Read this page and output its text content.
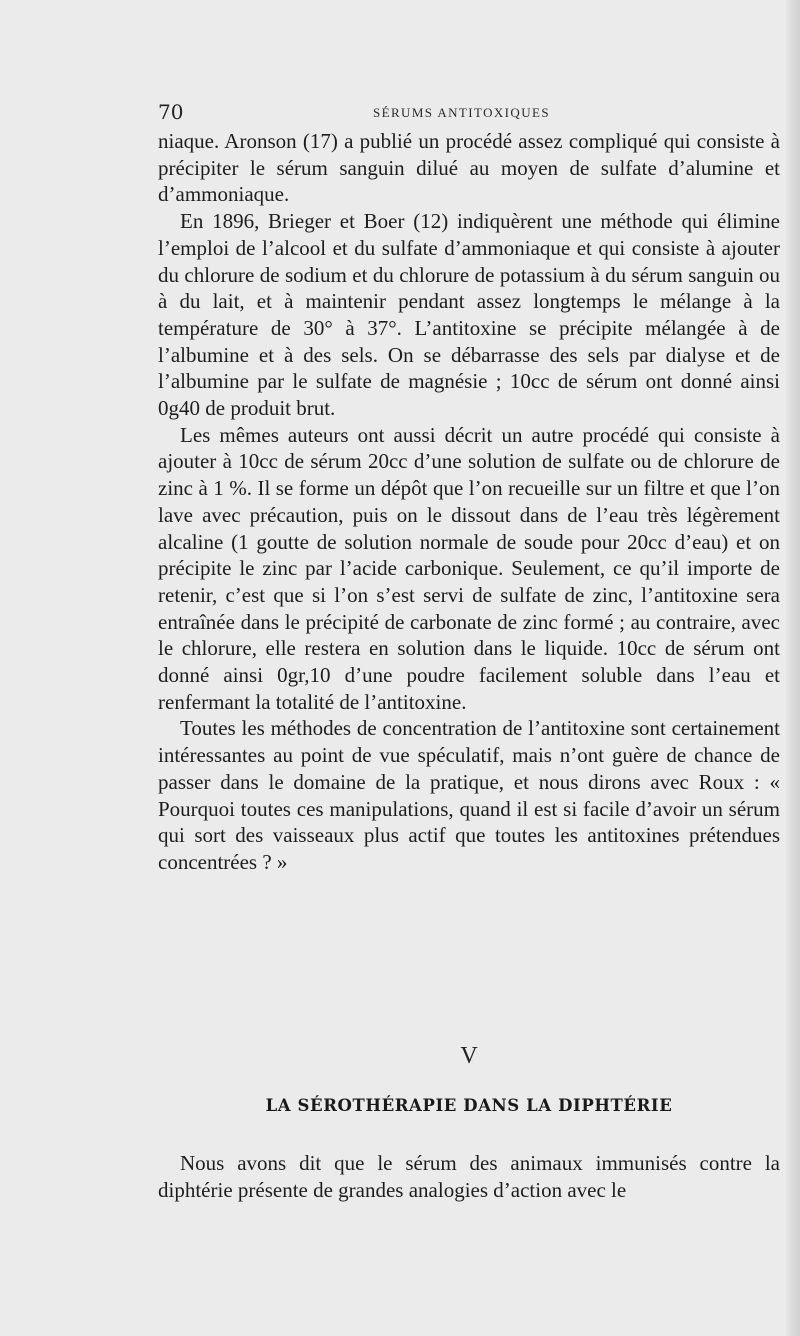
70	SÉRUMS ANTITOXIQUES

niaque. Aronson (17) a publié un procédé assez compliqué qui consiste à précipiter le sérum sanguin dilué au moyen de sulfate d’alumine et d’ammoniaque.

En 1896, Brieger et Boer (12) indiquèrent une méthode qui élimine l’emploi de l’alcool et du sulfate d’ammoniaque et qui consiste à ajouter du chlorure de sodium et du chlorure de potassium à du sérum sanguin ou à du lait, et à maintenir pendant assez longtemps le mélange à la température de 30° à 37°. L’antitoxine se précipite mélangée à de l’albumine et à des sels. On se débarrasse des sels par dialyse et de l’albumine par le sulfate de magnésie ; 10cc de sérum ont donné ainsi 0g40 de produit brut.

Les mêmes auteurs ont aussi décrit un autre procédé qui consiste à ajouter à 10cc de sérum 20cc d’une solution de sulfate ou de chlorure de zinc à 1 %. Il se forme un dépôt que l’on recueille sur un filtre et que l’on lave avec précaution, puis on le dissout dans de l’eau très légèrement alcaline (1 goutte de solution normale de soude pour 20cc d’eau) et on précipite le zinc par l’acide carbonique. Seulement, ce qu’il importe de retenir, c’est que si l’on s’est servi de sulfate de zinc, l’antitoxine sera entraînée dans le précipité de carbonate de zinc formé ; au contraire, avec le chlorure, elle restera en solution dans le liquide. 10cc de sérum ont donné ainsi 0gr,10 d’une poudre facilement soluble dans l’eau et renfermant la totalité de l’antitoxine.

Toutes les méthodes de concentration de l’antitoxine sont certainement intéressantes au point de vue spéculatif, mais n’ont guère de chance de passer dans le domaine de la pratique, et nous dirons avec Roux : « Pourquoi toutes ces manipulations, quand il est si facile d’avoir un sérum qui sort des vaisseaux plus actif que toutes les antitoxines prétendues concentrées ? »

V
LA SÉROTHÉRAPIE DANS LA DIPHTÉRIE

Nous avons dit que le sérum des animaux immunisés contre la diphtérie présente de grandes analogies d’action avec le
